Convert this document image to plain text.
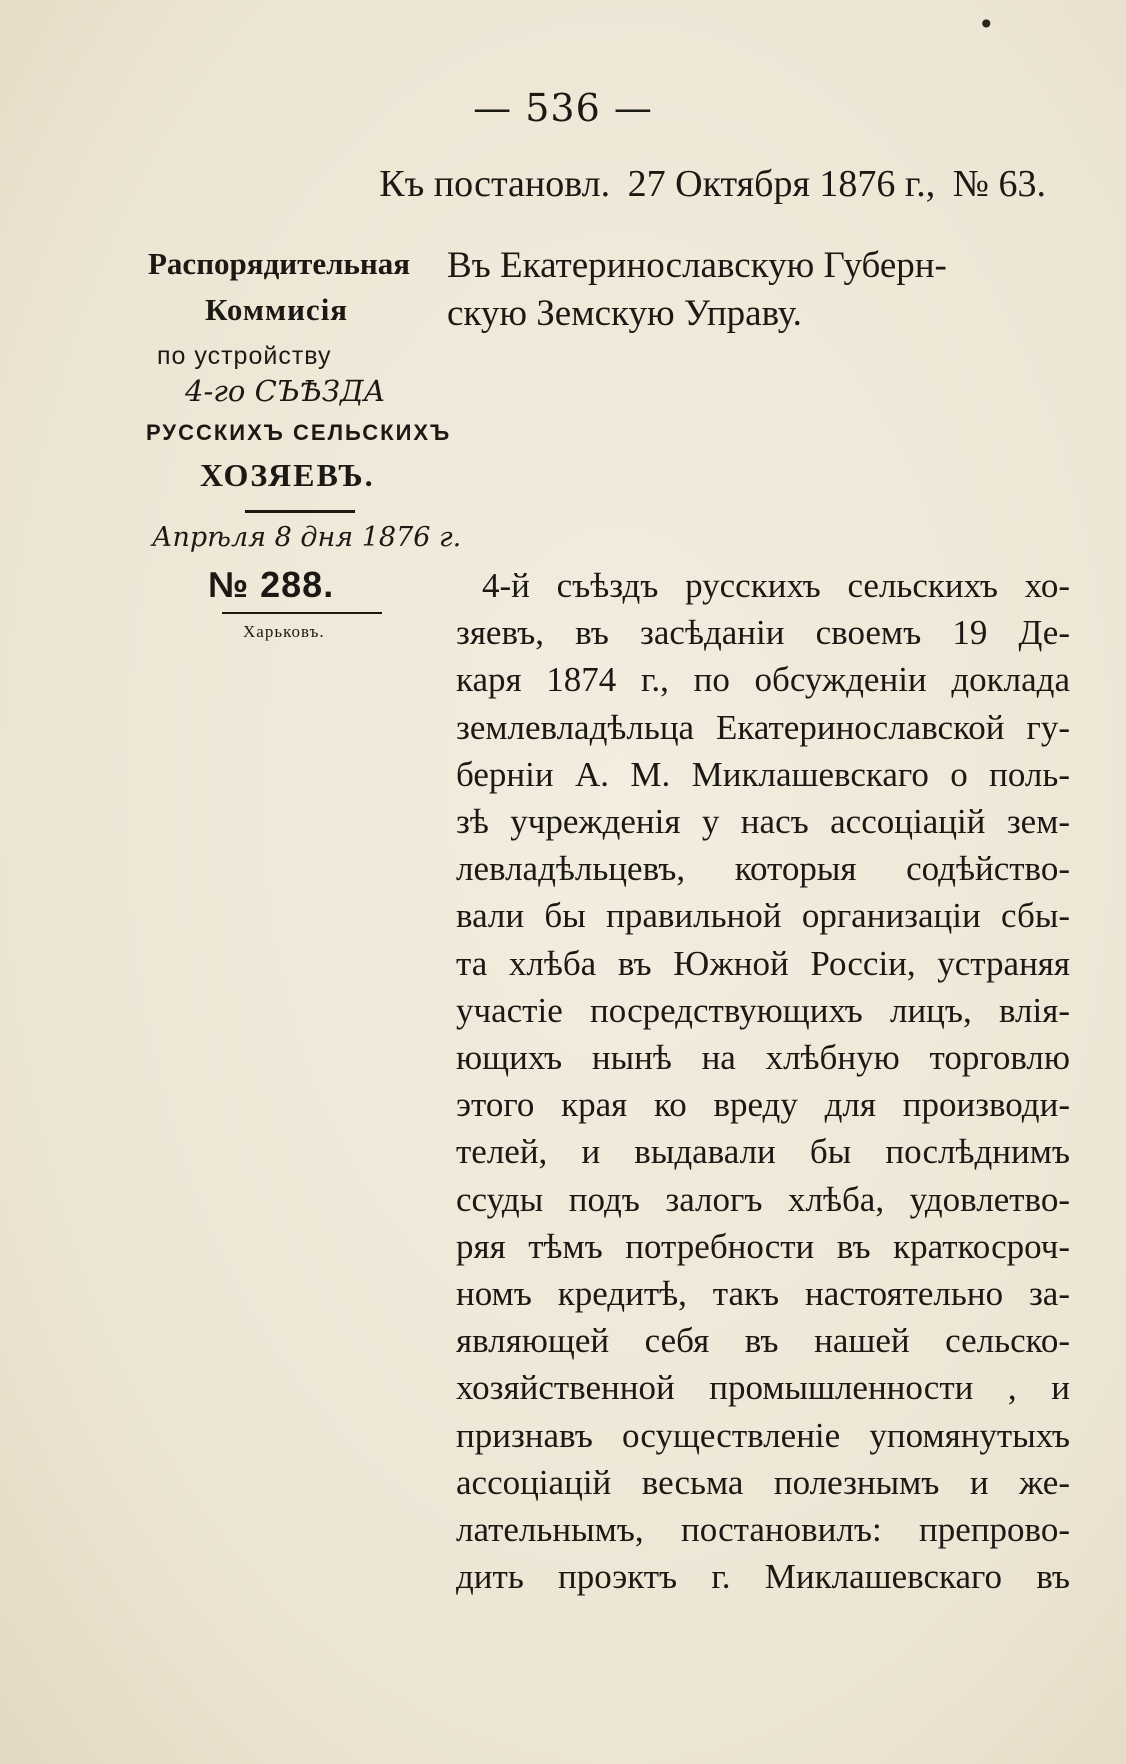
•
— 536 —
Къ постановл. 27 Октября 1876 г., № 63.
Распорядительная
Коммисія
по устройству
4-го СЪѢЗДА
РУССКИХЪ СЕЛЬСКИХЪ
ХОЗЯЕВЪ.
Апрѣля 8 дня 1876 г.
№ 288.
Харьковъ.
Въ Екатеринославскую Губерн-
скую Земскую Управу.
4-й съѣздъ русскихъ сельскихъ хо-
зяевъ, въ засѣданіи своемъ 19 Де-
каря 1874 г., по обсужденіи доклада
землевладѣльца Екатеринославской гу-
берніи А. М. Миклашевскаго о поль-
зѣ учрежденія у насъ ассоціацій зем-
левладѣльцевъ, которыя содѣйство-
вали бы правильной организаціи сбы-
та хлѣба въ Южной Россіи, устраняя
участіе посредствующихъ лицъ, влія-
ющихъ нынѣ на хлѣбную торговлю
этого края ко вреду для производи-
телей, и выдавали бы послѣднимъ
ссуды подъ залогъ хлѣба, удовлетво-
ряя тѣмъ потребности въ краткосроч-
номъ кредитѣ, такъ настоятельно за-
являющей себя въ нашей сельско-
хозяйственной промышленности , и
признавъ осуществленіе упомянутыхъ
ассоціацій весьма полезнымъ и же-
лательнымъ, постановилъ: препрово-
дить проэктъ г. Миклашевскаго въ
